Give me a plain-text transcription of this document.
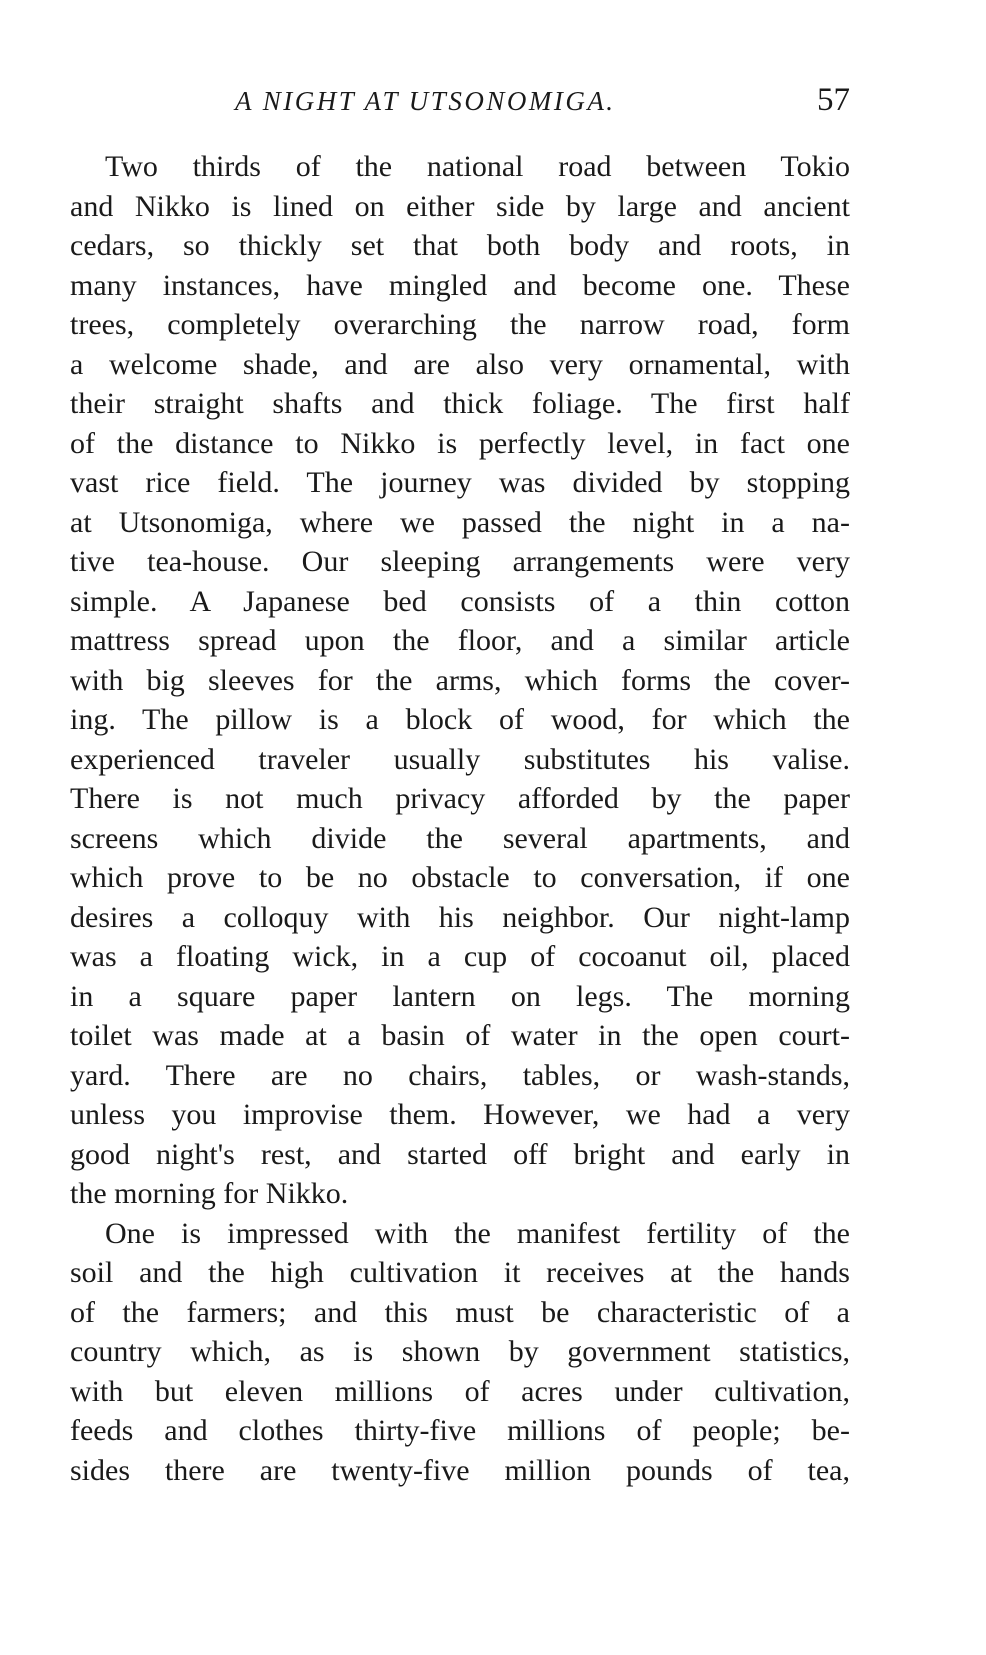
A NIGHT AT UTSONOMIGA.	57
Two thirds of the national road between Tokio
and Nikko is lined on either side by large and ancient
cedars, so thickly set that both body and roots, in
many instances, have mingled and become one. These
trees, completely overarching the narrow road, form
a welcome shade, and are also very ornamental, with
their straight shafts and thick foliage. The first half
of the distance to Nikko is perfectly level, in fact one
vast rice field. The journey was divided by stopping
at Utsonomiga, where we passed the night in a na-
tive tea-house. Our sleeping arrangements were very
simple. A Japanese bed consists of a thin cotton
mattress spread upon the floor, and a similar article
with big sleeves for the arms, which forms the cover-
ing. The pillow is a block of wood, for which the
experienced traveler usually substitutes his valise.
There is not much privacy afforded by the paper
screens which divide the several apartments, and
which prove to be no obstacle to conversation, if one
desires a colloquy with his neighbor. Our night-lamp
was a floating wick, in a cup of cocoanut oil, placed
in a square paper lantern on legs. The morning
toilet was made at a basin of water in the open court-
yard. There are no chairs, tables, or wash-stands,
unless you improvise them. However, we had a very
good night's rest, and started off bright and early in
the morning for Nikko.
One is impressed with the manifest fertility of the
soil and the high cultivation it receives at the hands
of the farmers; and this must be characteristic of a
country which, as is shown by government statistics,
with but eleven millions of acres under cultivation,
feeds and clothes thirty-five millions of people; be-
sides there are twenty-five million pounds of tea,
